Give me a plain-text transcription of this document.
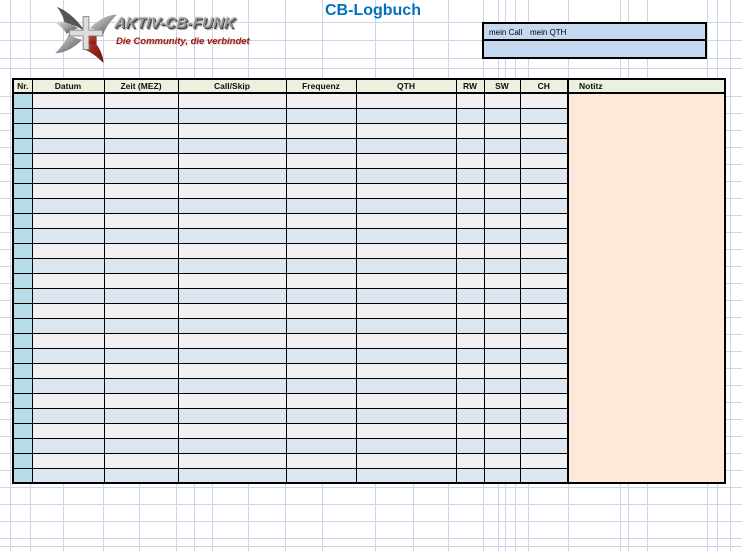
CB-Logbuch
AKTIV-CB-FUNK
Die Community, die verbindet
mein Call mein QTH
Nr.	Datum	Zeit (MEZ)	Call/Skip	Frequenz	QTH	RW	SW	CH	Notitz
